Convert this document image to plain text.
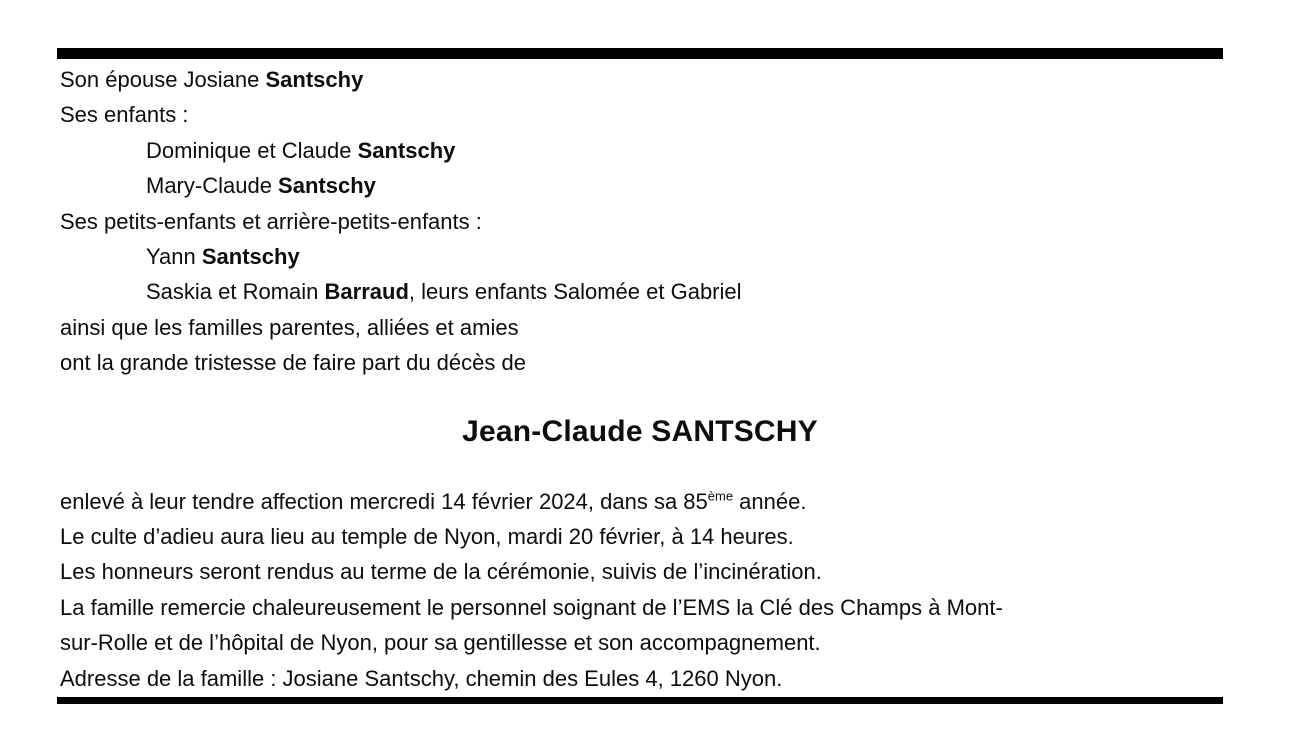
Son épouse Josiane Santschy
Ses enfants :
Dominique et Claude Santschy
Mary-Claude Santschy
Ses petits-enfants et arrière-petits-enfants :
Yann Santschy
Saskia et Romain Barraud, leurs enfants Salomée et Gabriel
ainsi que les familles parentes, alliées et amies
ont la grande tristesse de faire part du décès de
Jean-Claude SANTSCHY
enlevé à leur tendre affection mercredi 14 février 2024, dans sa 85ème année.
Le culte d’adieu aura lieu au temple de Nyon, mardi 20 février, à 14 heures.
Les honneurs seront rendus au terme de la cérémonie, suivis de l’incinération.
La famille remercie chaleureusement le personnel soignant de l’EMS la Clé des Champs à Mont-
sur-Rolle et de l’hôpital de Nyon, pour sa gentillesse et son accompagnement.
Adresse de la famille : Josiane Santschy, chemin des Eules 4, 1260 Nyon.
